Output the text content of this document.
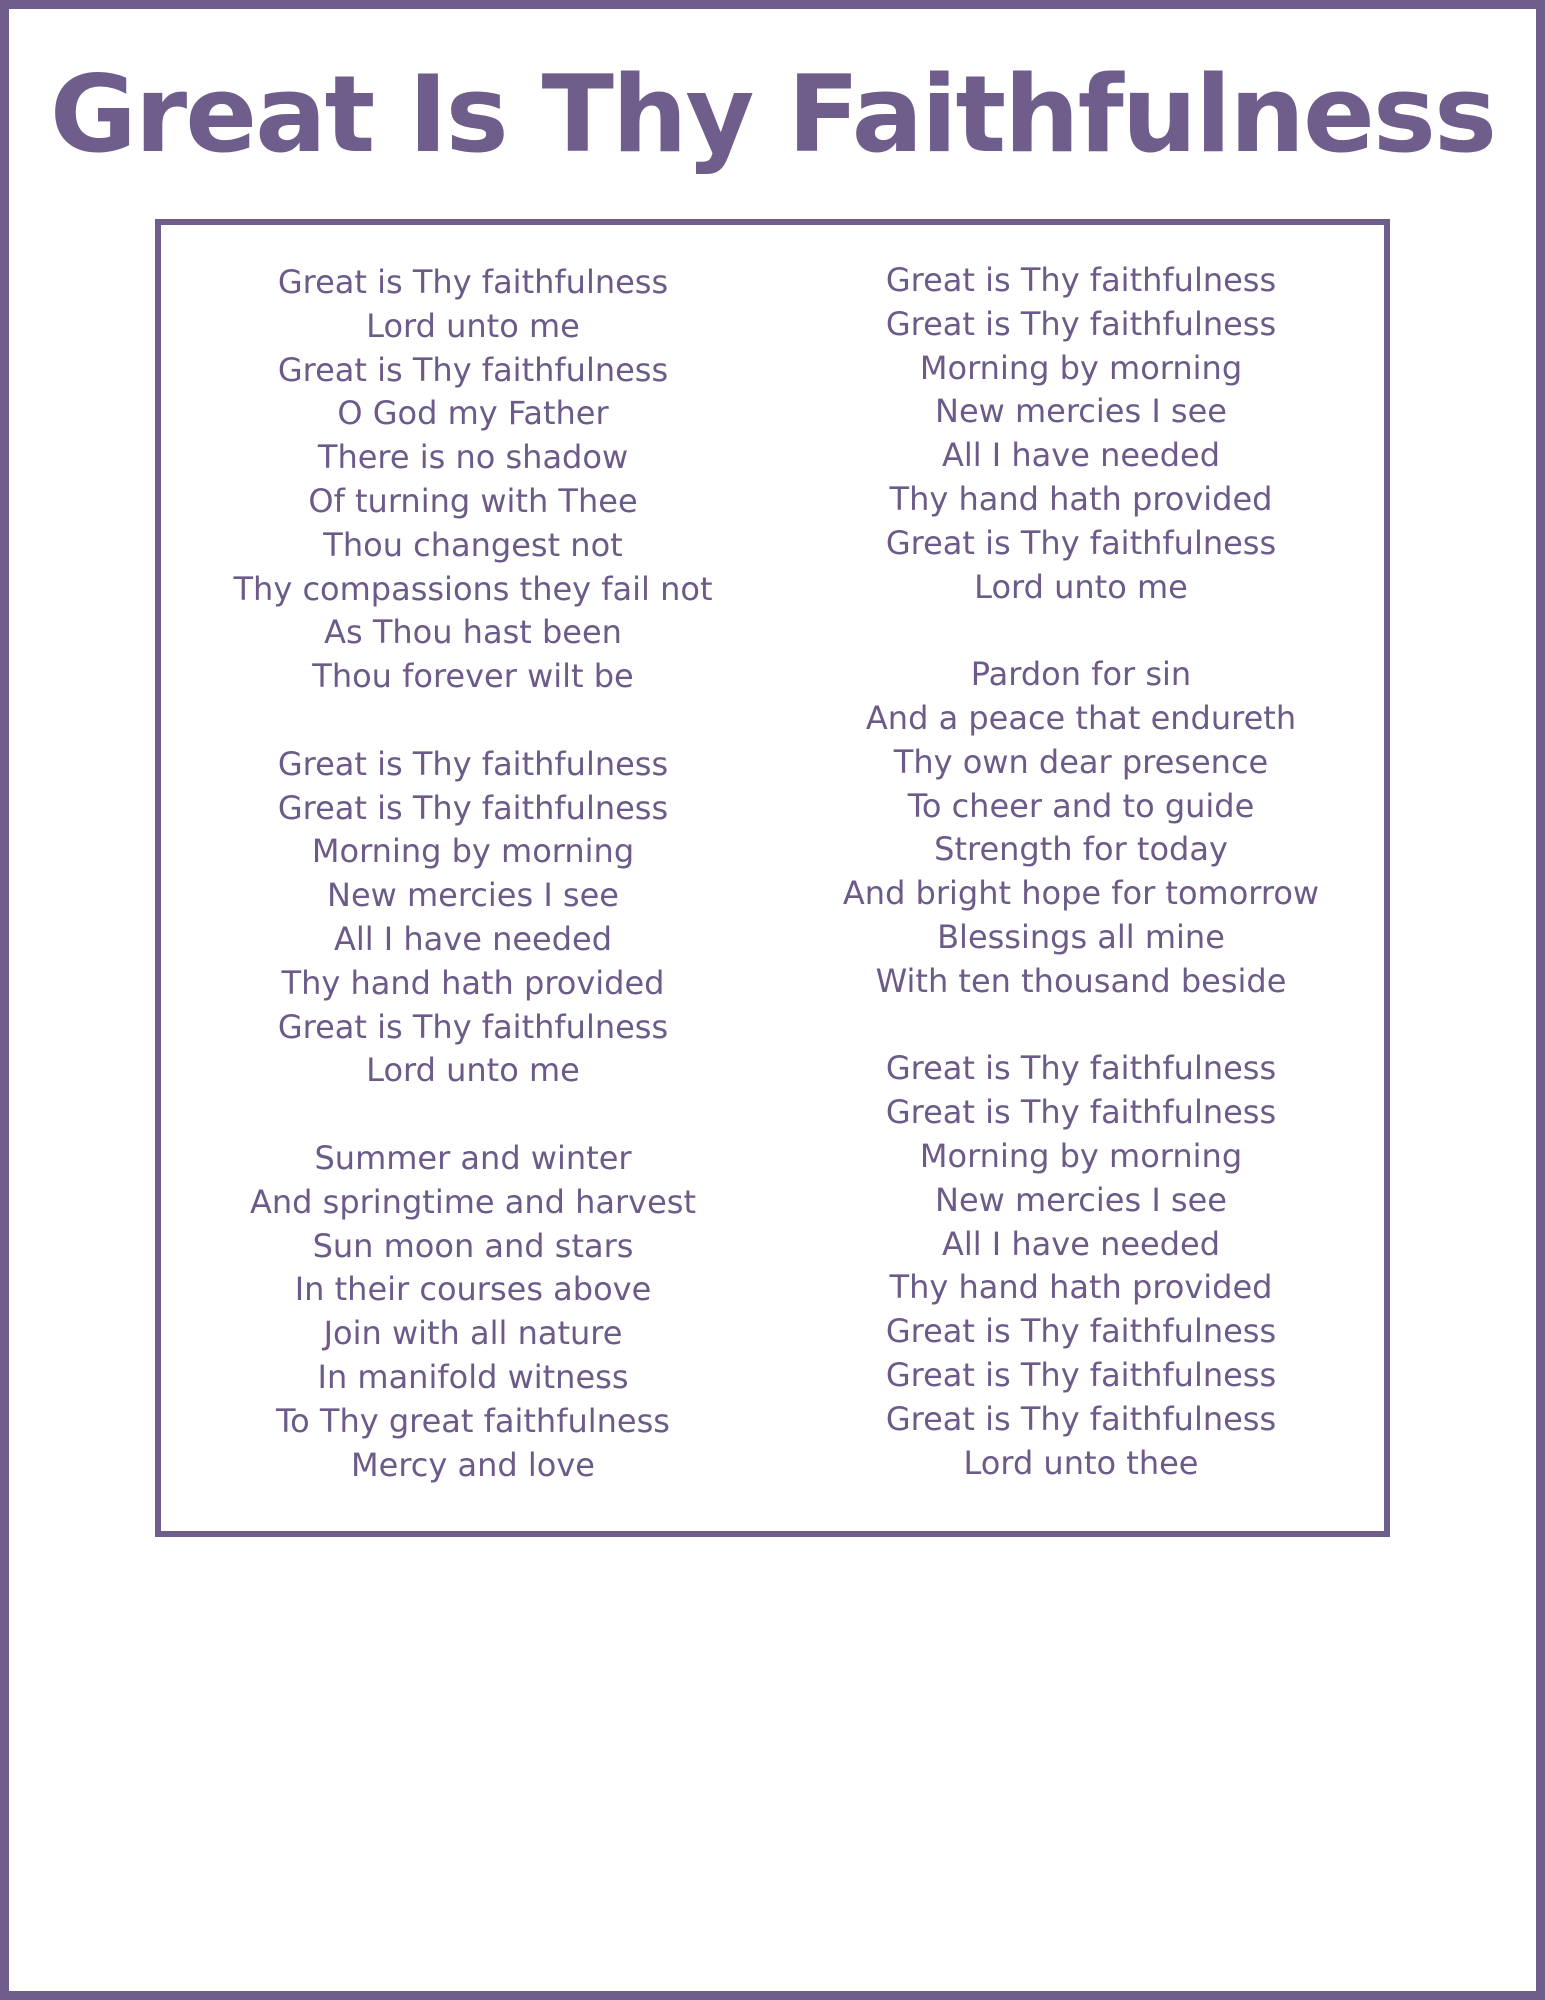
Great Is Thy Faithfulness
Great is Thy faithfulness
Lord unto me
Great is Thy faithfulness
O God my Father
There is no shadow
Of turning with Thee
Thou changest not
Thy compassions they fail not
As Thou hast been
Thou forever wilt be
Great is Thy faithfulness
Great is Thy faithfulness
Morning by morning
New mercies I see
All I have needed
Thy hand hath provided
Great is Thy faithfulness
Lord unto me
Summer and winter
And springtime and harvest
Sun moon and stars
In their courses above
Join with all nature
In manifold witness
To Thy great faithfulness
Mercy and love
Great is Thy faithfulness
Great is Thy faithfulness
Morning by morning
New mercies I see
All I have needed
Thy hand hath provided
Great is Thy faithfulness
Lord unto me
Pardon for sin
And a peace that endureth
Thy own dear presence
To cheer and to guide
Strength for today
And bright hope for tomorrow
Blessings all mine
With ten thousand beside
Great is Thy faithfulness
Great is Thy faithfulness
Morning by morning
New mercies I see
All I have needed
Thy hand hath provided
Great is Thy faithfulness
Great is Thy faithfulness
Great is Thy faithfulness
Lord unto thee
